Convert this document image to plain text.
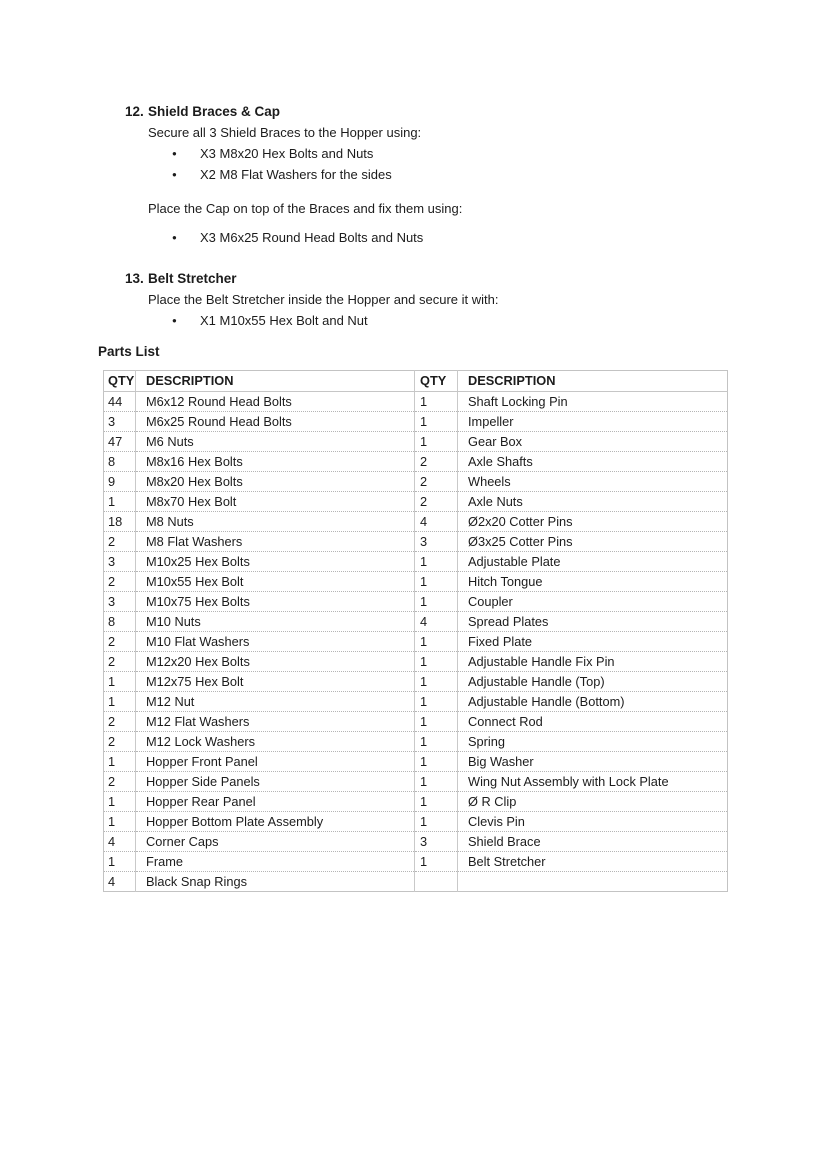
12. Shield Braces & Cap
Secure all 3 Shield Braces to the Hopper using:
● X3 M8x20 Hex Bolts and Nuts
● X2 M8 Flat Washers for the sides
Place the Cap on top of the Braces and fix them using:
● X3 M6x25 Round Head Bolts and Nuts
13. Belt Stretcher
Place the Belt Stretcher inside the Hopper and secure it with:
● X1 M10x55 Hex Bolt and Nut
Parts List
QTY	DESCRIPTION	QTY	DESCRIPTION
44	M6x12 Round Head Bolts	1	Shaft Locking Pin
3	M6x25 Round Head Bolts	1	Impeller
47	M6 Nuts	1	Gear Box
8	M8x16 Hex Bolts	2	Axle Shafts
9	M8x20 Hex Bolts	2	Wheels
1	M8x70 Hex Bolt	2	Axle Nuts
18	M8 Nuts	4	Ø2x20 Cotter Pins
2	M8 Flat Washers	3	Ø3x25 Cotter Pins
3	M10x25 Hex Bolts	1	Adjustable Plate
2	M10x55 Hex Bolt	1	Hitch Tongue
3	M10x75 Hex Bolts	1	Coupler
8	M10 Nuts	4	Spread Plates
2	M10 Flat Washers	1	Fixed Plate
2	M12x20 Hex Bolts	1	Adjustable Handle Fix Pin
1	M12x75 Hex Bolt	1	Adjustable Handle (Top)
1	M12 Nut	1	Adjustable Handle (Bottom)
2	M12 Flat Washers	1	Connect Rod
2	M12 Lock Washers	1	Spring
1	Hopper Front Panel	1	Big Washer
2	Hopper Side Panels	1	Wing Nut Assembly with Lock Plate
1	Hopper Rear Panel	1	Ø R Clip
1	Hopper Bottom Plate Assembly	1	Clevis Pin
4	Corner Caps	3	Shield Brace
1	Frame	1	Belt Stretcher
4	Black Snap Rings		
